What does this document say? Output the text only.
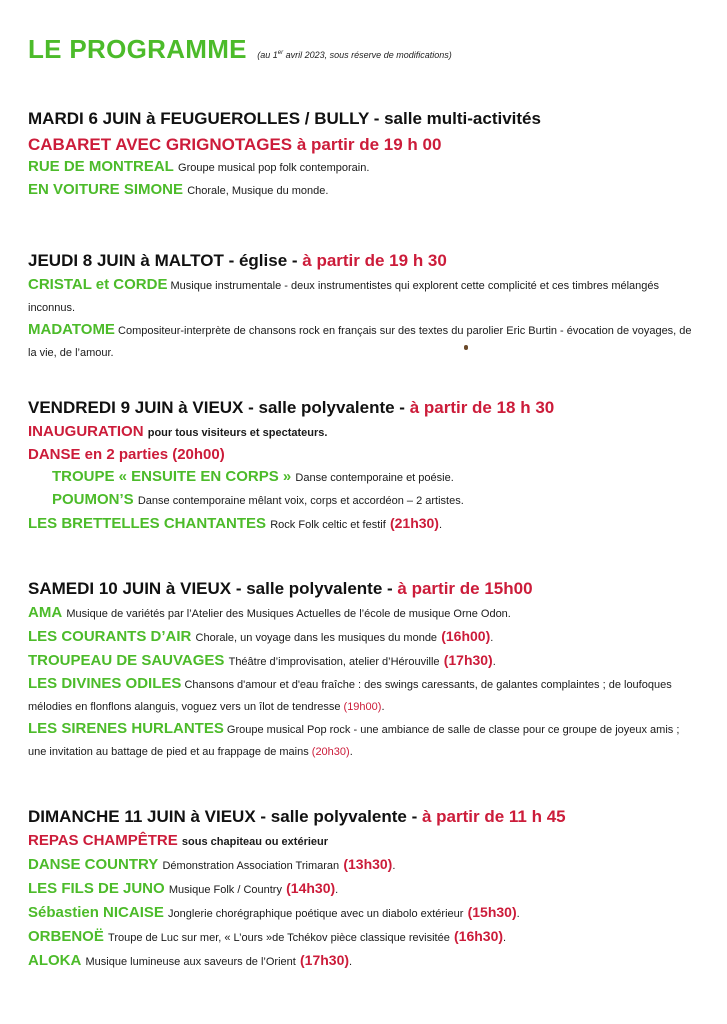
LE PROGRAMME (au 1er avril 2023, sous réserve de modifications)
MARDI 6 JUIN à FEUGUEROLLES / BULLY - salle multi-activités
CABARET AVEC GRIGNOTAGES à partir de 19 h 00
RUE DE MONTREAL Groupe musical pop folk contemporain.
EN VOITURE SIMONE Chorale, Musique du monde.
JEUDI 8 JUIN à MALTOT - église - à partir de 19 h 30
CRISTAL et CORDE Musique instrumentale - deux instrumentistes qui explorent cette complicité et ces timbres mélangés inconnus.
MADATOME Compositeur-interprète de chansons rock en français sur des textes du parolier Eric Burtin - évocation de voyages, de la vie, de l’amour.
VENDREDI 9 JUIN à VIEUX - salle polyvalente - à partir de 18 h 30
INAUGURATION pour tous visiteurs et spectateurs.
DANSE en 2 parties (20h00)
TROUPE « ENSUITE EN CORPS » Danse contemporaine et poésie.
POUMON’S Danse contemporaine mêlant voix, corps et accordéon – 2 artistes.
LES BRETTELLES CHANTANTES Rock Folk celtic et festif (21h30).
SAMEDI 10 JUIN à VIEUX - salle polyvalente - à partir de 15h00
AMA Musique de variétés par l’Atelier des Musiques Actuelles de l’école de musique Orne Odon.
LES COURANTS D’AIR Chorale, un voyage dans les musiques du monde (16h00).
TROUPEAU DE SAUVAGES Théâtre d’improvisation, atelier d’Hérouville (17h30).
LES DIVINES ODILES Chansons d'amour et d'eau fraîche : des swings caressants, de galantes complaintes ; de loufoques mélodies en flonflons alanguis, voguez vers un îlot de tendresse (19h00).
LES SIRENES HURLANTES Groupe musical Pop rock - une ambiance de salle de classe pour ce groupe de joyeux amis ; une invitation au battage de pied et au frappage de mains (20h30).
DIMANCHE 11 JUIN à VIEUX - salle polyvalente - à partir de 11 h 45
REPAS CHAMPÊTRE sous chapiteau ou extérieur
DANSE COUNTRY Démonstration Association Trimaran (13h30).
LES FILS DE JUNO Musique Folk / Country (14h30).
Sébastien NICAISE Jonglerie chorégraphique poétique avec un diabolo extérieur (15h30).
ORBENOË Troupe de Luc sur mer, « L’ours »de Tchékov pièce classique revisitée (16h30).
ALOKA Musique lumineuse aux saveurs de l’Orient (17h30).
